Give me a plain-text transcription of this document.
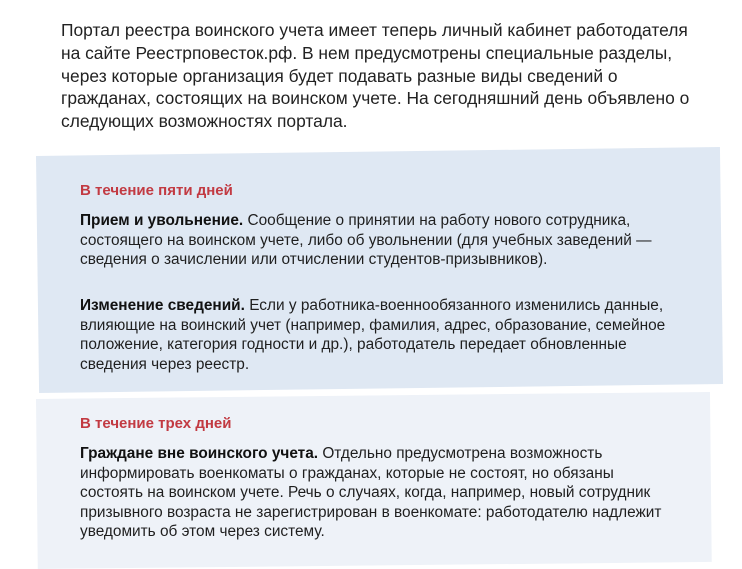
Портал реестра воинского учета имеет теперь личный кабинет работодателя на сайте Реестрповесток.рф. В нем предусмотрены специальные разделы, через которые организация будет подавать разные виды сведений о гражданах, состоящих на воинском учете. На сегодняшний день объявлено о следующих возможностях портала.

В течение пяти дней

Прием и увольнение. Сообщение о принятии на работу нового сотрудника, состоящего на воинском учете, либо об увольнении (для учебных заведений — сведения о зачислении или отчислении студентов-призывников).

Изменение сведений. Если у работника-военнообязанного изменились данные, влияющие на воинский учет (например, фамилия, адрес, образование, семейное положение, категория годности и др.), работодатель передает обновленные сведения через реестр.

В течение трех дней

Граждане вне воинского учета. Отдельно предусмотрена возможность информировать военкоматы о гражданах, которые не состоят, но обязаны состоять на воинском учете. Речь о случаях, когда, например, новый сотрудник призывного возраста не зарегистрирован в военкомате: работодателю надлежит уведомить об этом через систему.
